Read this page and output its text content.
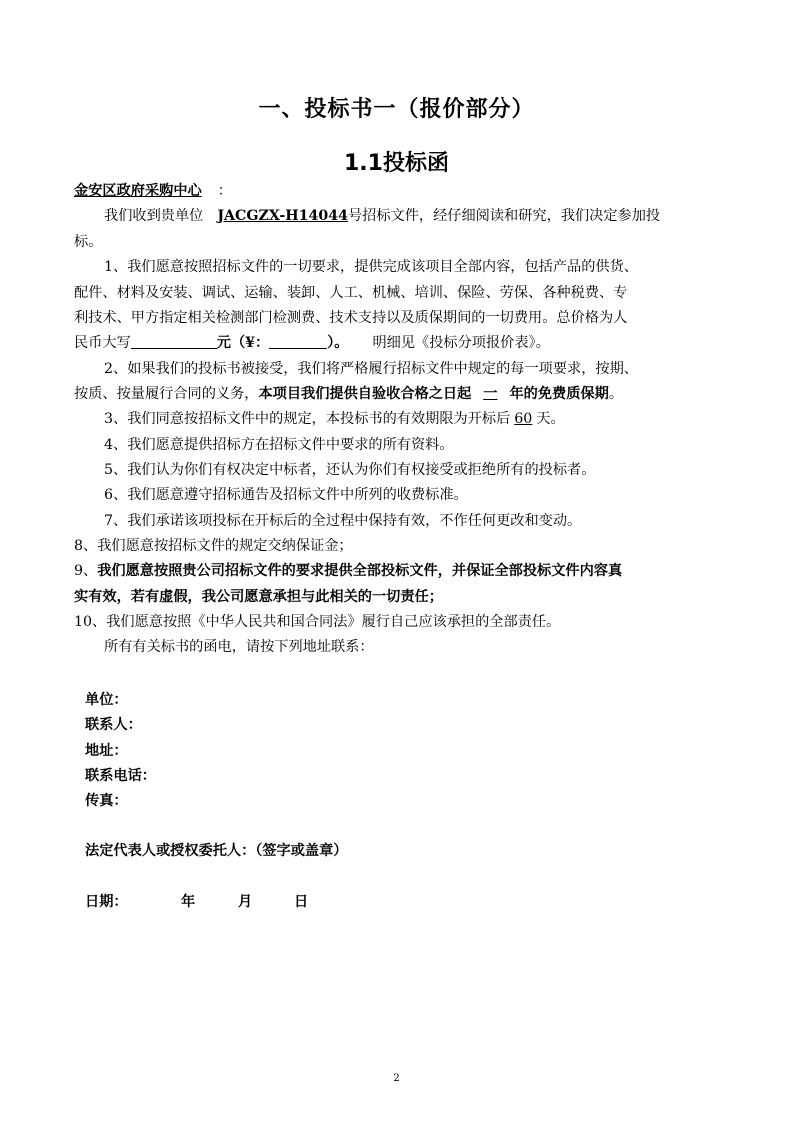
一、投标书一（报价部分）
1.1投标函
金安区政府采购中心 ：
我们收到贵单位 JACGZX-H14044号招标文件，经仔细阅读和研究，我们决定参加投
标。
1、我们愿意按照招标文件的一切要求，提供完成该项目全部内容，包括产品的供货、
配件、材料及安装、调试、运输、装卸、人工、机械、培训、保险、劳保、各种税费、专
利技术、甲方指定相关检测部门检测费、技术支持以及质保期间的一切费用。总价格为人
民币大写	元（¥：	）。 明细见《投标分项报价表》。
2、如果我们的投标书被接受，我们将严格履行招标文件中规定的每一项要求，按期、
按质、按量履行合同的义务，本项目我们提供自验收合格之日起 一 年的免费质保期。
3、我们同意按招标文件中的规定，本投标书的有效期限为开标后 60 天。
4、我们愿意提供招标方在招标文件中要求的所有资料。
5、我们认为你们有权决定中标者，还认为你们有权接受或拒绝所有的投标者。
6、我们愿意遵守招标通告及招标文件中所列的收费标准。
7、我们承诺该项投标在开标后的全过程中保持有效，不作任何更改和变动。
8、我们愿意按招标文件的规定交纳保证金；
9、我们愿意按照贵公司招标文件的要求提供全部投标文件，并保证全部投标文件内容真
实有效，若有虚假，我公司愿意承担与此相关的一切责任；
10、我们愿意按照《中华人民共和国合同法》履行自己应该承担的全部责任。
所有有关标书的函电，请按下列地址联系：
单位：
联系人：
地址：
联系电话：
传真：
法定代表人或授权委托人：（签字或盖章）
日期：	年	月	日
2
